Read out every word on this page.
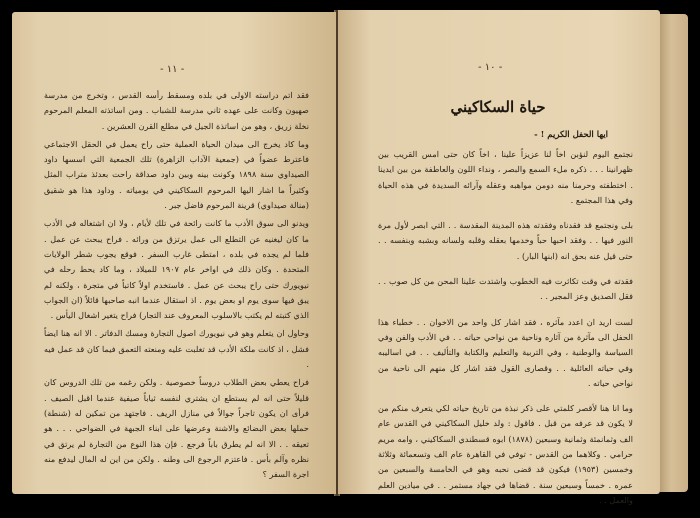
- ١١ -

فقد اتم دراسته الاولى في بلده ومسقط رأسه القدس ، وتخرج من مدرسة صهيون وكانت على عهده ثاني مدرسة للشباب . ومن اساتذته المعلم المرحوم نخلة زريق ، وهو من اساتذة الجيل في مطلع القرن العشرين .

وما كاد يخرج الى ميدان الحياة العملية حتى راح يعمل في الحقل الاجتماعي فاعترط عضواً في (جمعية الآداب الزاهرة) تلك الجمعية التي اسسها داود الصيداوي سنة ١٨٩٨ وكونت بينه وبين داود صداقة راحت بعدئذ متراب المثل وكثيراً ما اشار اليها المرحوم السكاكيني في يومياته . وداود هذا هو شقيق (منالة صيداوي) قرينة المرحوم فاضل جبر .

ويدنو الى سوق الأدب ما كانت رائحة في تلك لأيام ، ولا ان اشتغاله في الأدب ما كان ليغنيه عن التطلع الى عمل يرتزق من ورائه . فراح يبحث عن عمل . فلما لم يجده في بلده ، امتطى غارب السفر . فوقع يجوب شطر الولايات المتحدة . وكان ذلك في اواخر عام ١٩٠٧ للميلاد ، وما كاد يحط رحله في نيويورك حتى راح يبحث عن عمل . فاستخدم اولاً كاتباً في متجرة ، ولكنه لم يبق فيها سوى يوم او بعض يوم . اذ استقال عندما انبه صاحبها قائلاً (ان الجواب الذي كتبته لم يكتب بالاسلوب المعروف عند التجار) فراح يتغير اشغال اليأس .

وحاول ان يتعلم وهو في نيويورك اصول التجارة ومسك الدفاتر . الا انه هنا ايضاً فشل ، اذ كانت ملكة الأدب قد تغلبت عليه ومنعته التعمق فيما كان قد عمل فيه .

فراح يعطي بعض الطلاب دروساً خصوصية . ولكن رغمه من تلك الدروس كان قليلاً حتى انه لم يستطع ان يشتري لنفسه ثياباً صيفية عندما اقبل الصيف . فرأى ان يكون تاجراً جوالاً في منازل الريف . فاجتهد من تمكين له (شنطة) حملها بعض البضائع والاشنة وعرضها على ابناء الجبهة في الضواحي . . . هو تعيقه . . الا انه لم يطرق باباً فرجع . فإن هذا النوع من التجارة لم يرتق في نظره وآلم بأس . فاعتزم الرجوع الى وطنه . ولكن من اين له المال ليدفع منه اجرة السفر ؟

- ١٠ -
حياة السكاكيني
ايها الحفل الكريم ! -

نجتمع اليوم لنؤبن اخاً لنا عزيزاً علينا ، اخاً كان حتى امس القريب بين ظهرانينا . . . ذكره ملء السمع والبصر ، ونداء اللون والعاطفة من بين ايدينا . اختطفته وحرمنا منه دومن مواهبه وعقله وآرائه السديدة في هذه الحياة وفي هذا المجتمع .

بلى ونجتمع قد فقدناه وفقدته هذه المدينة المقدسة . . التي ابصر لأول مرة النور فيها . . وفقد احبها حباً وخدمها بعقله وقلبه ولسانه وبشبه وبنفسه . . حتى قيل عنه بحق انه (ابنها البار) .

فقدته في وقت تكاثرت فيه الخطوب واشتدت علينا المحن من كل صوب . . فقل الصديق وعز المجير . .

لست اريد ان اعدد مآثره ، فقد اشار كل واحد من الاخوان . . خطباء هذا الحفل الى مآثرة من آثاره وناحية من نواحي حياته . . في الأدب والفن وفي السياسة والوطنية ، وفي التربية والتعليم والكتابة والتأليف . . في اساليبه وفي حياته العائلية . . وقصارى القول فقد اشار كل منهم الى ناحية من نواحي حياته .

وما انا هنا لأقصر كلمتي على ذكر نبذة من تاريخ حياته لكي يتعرف منكم من لا يكون قد عرفه من قبل . فاقول : ولد خليل السكاكيني في القدس عام الف وثمانمئة وثمانية وسبعين (١٨٧٨) ابوه قسطندي السكاكيني ، وامه مريم حرامي . وكلاهما من القدس - توفي في القاهرة عام الف وتسعمائة وثلاثة وخمسين (١٩٥٣) فيكون قد قضى نحبه وهو في الخامسة والسبعين من عمره . خمساً وسبعين سنة . قضاها في جهاد مستمر . . في ميادين العلم والعمل . .
